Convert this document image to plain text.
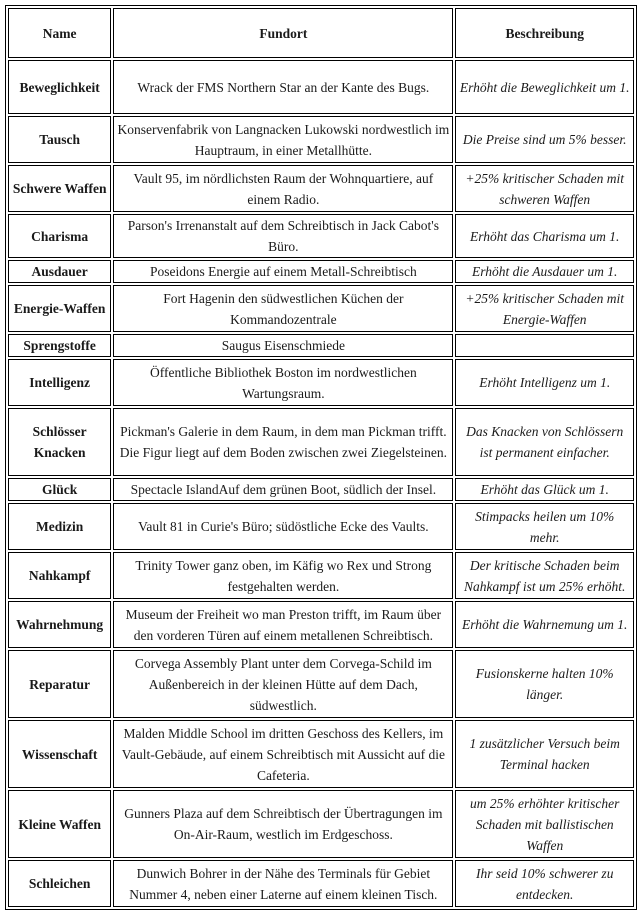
Name	Fundort	Beschreibung
Beweglichkeit	Wrack der FMS Northern Star an der Kante des Bugs.	Erhöht die Beweglichkeit um 1.
Tausch	Konservenfabrik von Langnacken Lukowski nordwestlich im Hauptraum, in einer Metallhütte.	Die Preise sind um 5% besser.
Schwere Waffen	Vault 95, im nördlichsten Raum der Wohnquartiere, auf einem Radio.	+25% kritischer Schaden mit schweren Waffen
Charisma	Parson's Irrenanstalt auf dem Schreibtisch in Jack Cabot's Büro.	Erhöht das Charisma um 1.
Ausdauer	Poseidons Energie auf einem Metall-Schreibtisch	Erhöht die Ausdauer um 1.
Energie-Waffen	Fort Hagenin den südwestlichen Küchen der Kommandozentrale	+25% kritischer Schaden mit Energie-Waffen
Sprengstoffe	Saugus Eisenschmiede	
Intelligenz	Öffentliche Bibliothek Boston im nordwestlichen Wartungsraum.	Erhöht Intelligenz um 1.
Schlösser Knacken	Pickman's Galerie in dem Raum, in dem man Pickman trifft. Die Figur liegt auf dem Boden zwischen zwei Ziegelsteinen.	Das Knacken von Schlössern ist permanent einfacher.
Glück	Spectacle IslandAuf dem grünen Boot, südlich der Insel.	Erhöht das Glück um 1.
Medizin	Vault 81 in Curie's Büro; südöstliche Ecke des Vaults.	Stimpacks heilen um 10% mehr.
Nahkampf	Trinity Tower ganz oben, im Käfig wo Rex und Strong festgehalten werden.	Der kritische Schaden beim Nahkampf ist um 25% erhöht.
Wahrnehmung	Museum der Freiheit wo man Preston trifft, im Raum über den vorderen Türen auf einem metallenen Schreibtisch.	Erhöht die Wahrnemung um 1.
Reparatur	Corvega Assembly Plant unter dem Corvega-Schild im Außenbereich in der kleinen Hütte auf dem Dach, südwestlich.	Fusionskerne halten 10% länger.
Wissenschaft	Malden Middle School im dritten Geschoss des Kellers, im Vault-Gebäude, auf einem Schreibtisch mit Aussicht auf die Cafeteria.	1 zusätzlicher Versuch beim Terminal hacken
Kleine Waffen	Gunners Plaza auf dem Schreibtisch der Übertragungen im On-Air-Raum, westlich im Erdgeschoss.	um 25% erhöhter kritischer Schaden mit ballistischen Waffen
Schleichen	Dunwich Bohrer in der Nähe des Terminals für Gebiet Nummer 4, neben einer Laterne auf einem kleinen Tisch.	Ihr seid 10% schwerer zu entdecken.
